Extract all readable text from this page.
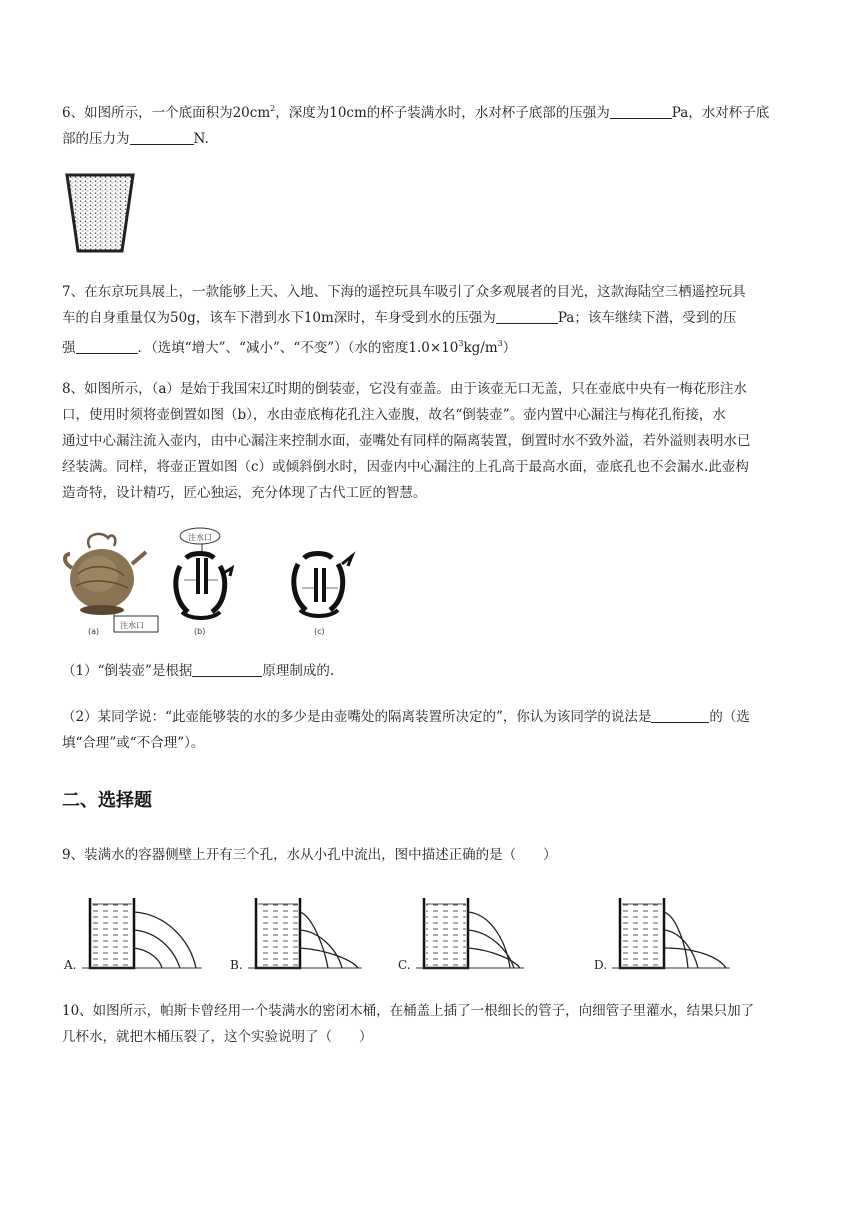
6、如图所示，一个底面积为$20cm^2$，深度为10cm的杯子装满水时，水对杯子底部的压强为	Pa，水对杯子底

部的压力为	N.

7、在东京玩具展上，一款能够上天、入地、下海的遥控玩具车吸引了众多观展者的目光，这款海陆空三栖遥控玩具

车的自身重量仅为50g，该车下潜到水下10m深时，车身受到水的压强为	Pa；该车继续下潜，受到的压

强	．（选填“增大”、“减小”、“不变”）（水的密度$1.0\times 10^3kg/m^3$）

8、如图所示，（a）是始于我国宋辽时期的倒装壶，它没有壶盖。由于该壶无口无盖，只在壶底中央有一梅花形注水

口，使用时须将壶倒置如图（b），水由壶底梅花孔注入壶腹，故名“倒装壶”。壶内置中心漏注与梅花孔衔接，水

通过中心漏注流入壶内，由中心漏注来控制水面，壶嘴处有同样的隔离装置，倒置时水不致外溢，若外溢则表明水已

经装满。同样，将壶正置如图（c）或倾斜倒水时，因壶内中心漏注的上孔高于最高水面，壶底孔也不会漏水.此壶构

造奇特，设计精巧，匠心独运，充分体现了古代工匠的智慧。

注水口
(a)
注水口
(b)	(c)

（1）“倒装壶”是根据	原理制成的.

（2）某同学说：“此壶能够装的水的多少是由壶嘴处的隔离装置所决定的”，你认为该同学的说法是	的（选

填“合理”或“不合理”）。

二、选择题

9、装满水的容器侧壁上开有三个孔，水从小孔中流出，图中描述正确的是（　　）

A.	B.	C.	D.

10、如图所示，帕斯卡曾经用一个装满水的密闭木桶，在桶盖上插了一根细长的管子，向细管子里灌水，结果只加了

几杯水，就把木桶压裂了，这个实验说明了（　　）
